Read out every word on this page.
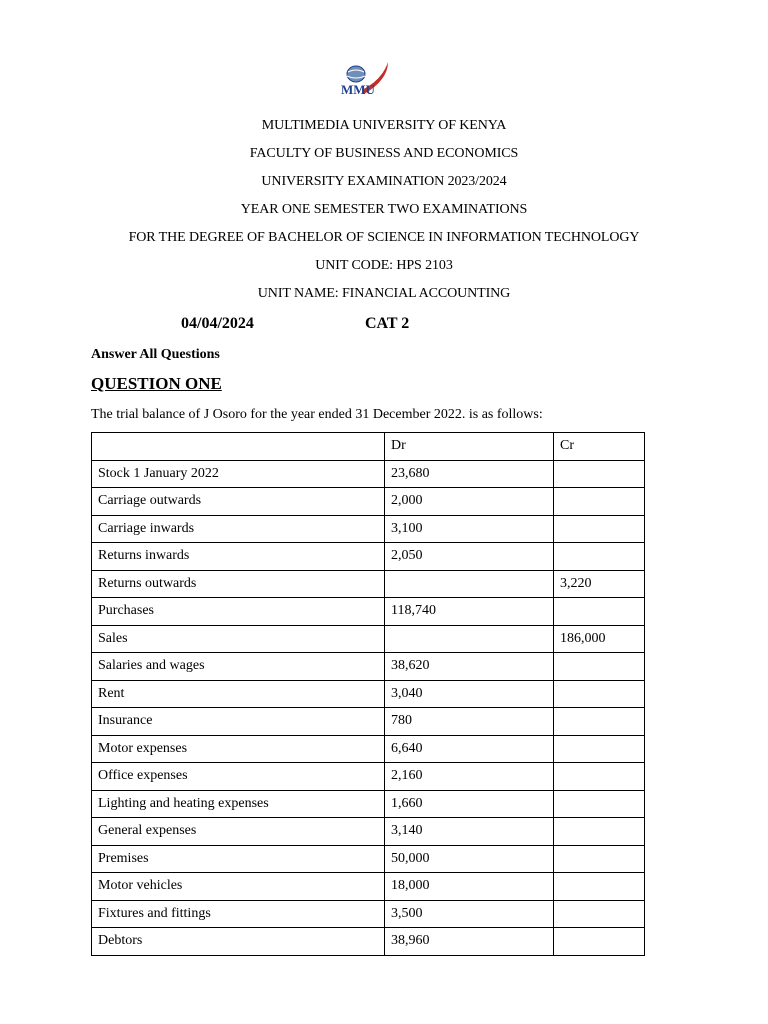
MMU
MULTIMEDIA UNIVERSITY OF KENYA
FACULTY OF BUSINESS AND ECONOMICS
UNIVERSITY EXAMINATION 2023/2024
YEAR ONE SEMESTER TWO EXAMINATIONS
FOR THE DEGREE OF BACHELOR OF SCIENCE IN INFORMATION TECHNOLOGY
UNIT CODE: HPS 2103
UNIT NAME: FINANCIAL ACCOUNTING
04/04/2024	CAT 2
Answer All Questions
QUESTION ONE
The trial balance of J Osoro for the year ended 31 December 2022. is as follows:
	Dr	Cr
Stock 1 January 2022	23,680	
Carriage outwards	2,000	
Carriage inwards	3,100	
Returns inwards	2,050	
Returns outwards		3,220
Purchases	118,740	
Sales		186,000
Salaries and wages	38,620	
Rent	3,040	
Insurance	780	
Motor expenses	6,640	
Office expenses	2,160	
Lighting and heating expenses	1,660	
General expenses	3,140	
Premises	50,000	
Motor vehicles	18,000	
Fixtures and fittings	3,500	
Debtors	38,960	
